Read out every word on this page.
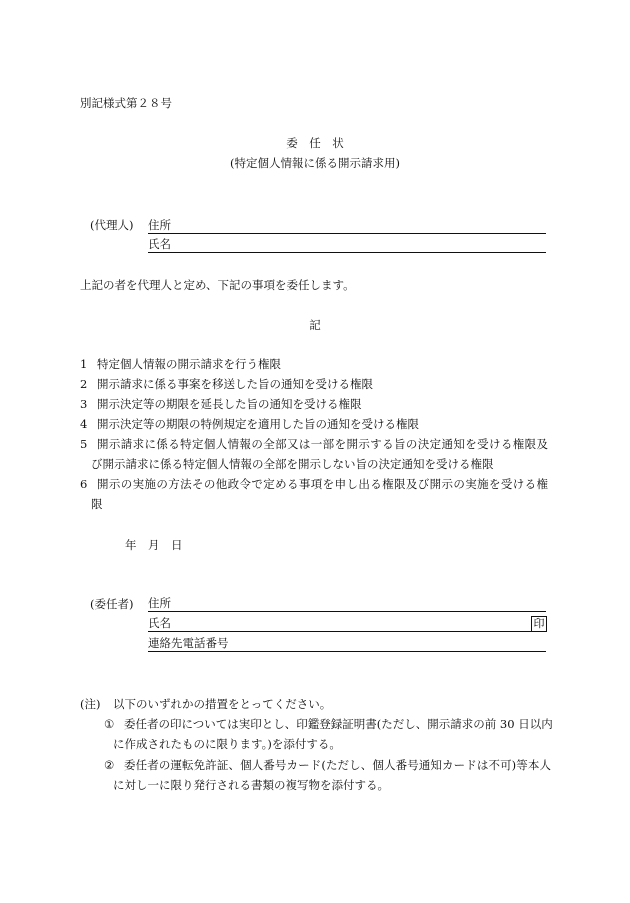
別記様式第２８号
委　任　状
(特定個人情報に係る開示請求用)
(代理人) 住所
氏名
上記の者を代理人と定め、下記の事項を委任します。
記
1 特定個人情報の開示請求を行う権限
2 開示請求に係る事案を移送した旨の通知を受ける権限
3 開示決定等の期限を延長した旨の通知を受ける権限
4 開示決定等の期限の特例規定を適用した旨の通知を受ける権限
5 開示請求に係る特定個人情報の全部又は一部を開示する旨の決定通知を受ける権限及
び開示請求に係る特定個人情報の全部を開示しない旨の決定通知を受ける権限
6 開示の実施の方法その他政令で定める事項を申し出る権限及び開示の実施を受ける権
限
年　月　日
(委任者) 住所
氏名	印
連絡先電話番号
(注) 以下のいずれかの措置をとってください。
① 委任者の印については実印とし、印鑑登録証明書(ただし、開示請求の前 30 日以内
に作成されたものに限ります。)を添付する。
② 委任者の運転免許証、個人番号カード(ただし、個人番号通知カードは不可)等本人
に対し一に限り発行される書類の複写物を添付する。
